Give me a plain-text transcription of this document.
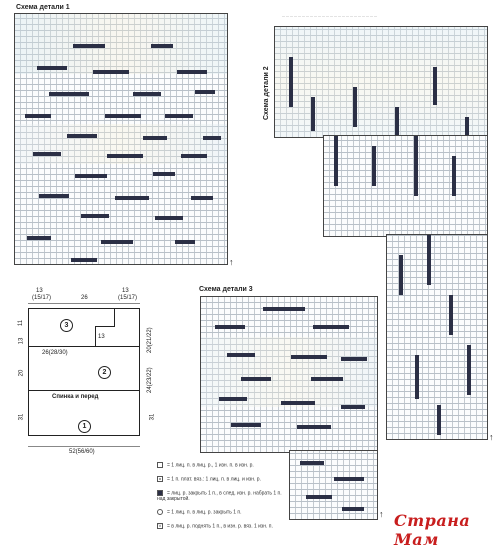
Схема детали 1
↑
Схема детали 2
⋯⋯⋯⋯⋯⋯⋯⋯⋯⋯⋯⋯⋯⋯⋯⋯⋯⋯⋯⋯⋯⋯⋯⋯
↑
Схема детали 3
↑
13
(15/17)	26
13
(15/17)
11
13
20
31
20(21/22)
24(23/22)
31
13
26(28/30)
Спинка и перед
3
2
1
52(56/60)
= 1 лиц. п. в лиц. р., 1 изн. п. в изн. р.
= 1 п. плат. вяз.: 1 лиц. п. в лиц. и изн. р.
= лиц. р. закрыть 1 п., в след. изн. р. набрать 1 п. над закрытой.
= 1 лиц. п. в лиц. р. закрыть 1 п.
V = в лиц. р. поднять 1 п., в изн. р. вяз. 1 изн. п.	Страна Мам
